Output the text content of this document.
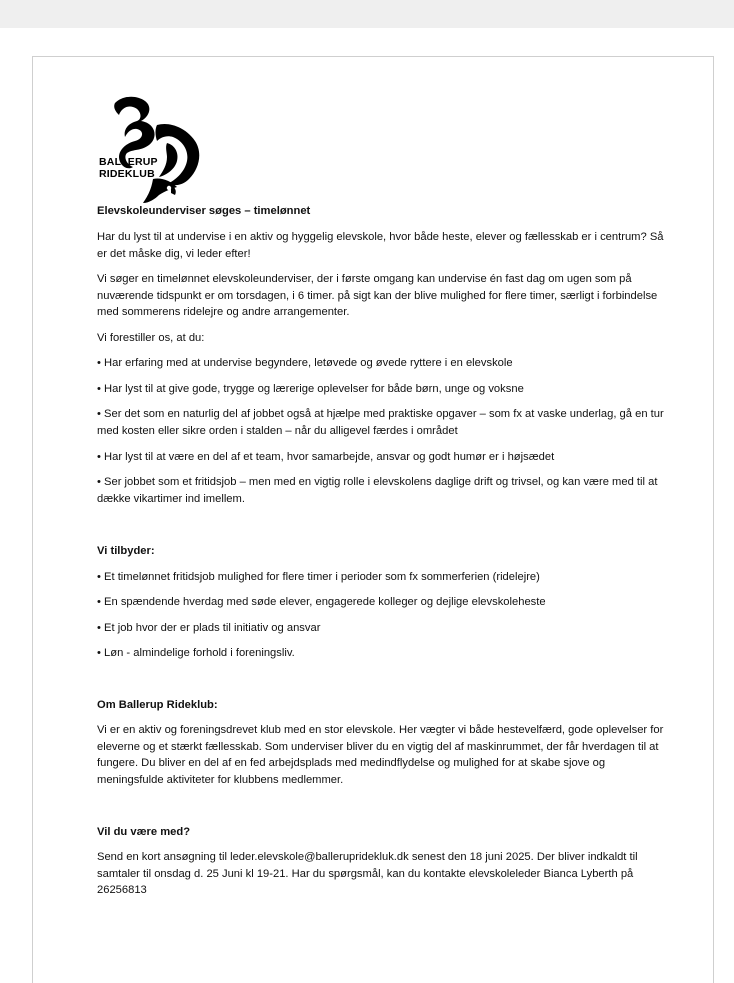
BALLERUP
RIDEKLUB

Elevskoleunderviser søges – timelønnet

Har du lyst til at undervise i en aktiv og hyggelig elevskole, hvor både heste, elever og fællesskab er i centrum? Så er det måske dig, vi leder efter!

Vi søger en timelønnet elevskoleunderviser, der i første omgang kan undervise én fast dag om ugen som på nuværende tidspunkt er om torsdagen, i 6 timer. på sigt kan der blive mulighed for flere timer, særligt i forbindelse med sommerens ridelejre og andre arrangementer.

Vi forestiller os, at du:

• Har erfaring med at undervise begyndere, letøvede og øvede ryttere i en elevskole

• Har lyst til at give gode, trygge og lærerige oplevelser for både børn, unge og voksne

• Ser det som en naturlig del af jobbet også at hjælpe med praktiske opgaver – som fx at vaske underlag, gå en tur med kosten eller sikre orden i stalden – når du alligevel færdes i området

• Har lyst til at være en del af et team, hvor samarbejde, ansvar og godt humør er i højsædet

• Ser jobbet som et fritidsjob – men med en vigtig rolle i elevskolens daglige drift og trivsel, og kan være med til at dække vikartimer ind imellem.

Vi tilbyder:

• Et timelønnet fritidsjob mulighed for flere timer i perioder som fx sommerferien (ridelejre)

• En spændende hverdag med søde elever, engagerede kolleger og dejlige elevskoleheste

• Et job hvor der er plads til initiativ og ansvar

• Løn - almindelige forhold i foreningsliv.

Om Ballerup Rideklub:

Vi er en aktiv og foreningsdrevet klub med en stor elevskole. Her vægter vi både hestevelfærd, gode oplevelser for eleverne og et stærkt fællesskab. Som underviser bliver du en vigtig del af maskinrummet, der får hverdagen til at fungere. Du bliver en del af en fed arbejdsplads med medindflydelse og mulighed for at skabe sjove og meningsfulde aktiviteter for klubbens medlemmer.

Vil du være med?

Send en kort ansøgning til leder.elevskole@ballerupridekluk.dk senest den 18 juni 2025. Der bliver indkaldt til samtaler til onsdag d. 25 Juni kl 19-21. Har du spørgsmål, kan du kontakte elevskoleleder Bianca Lyberth på 26256813
